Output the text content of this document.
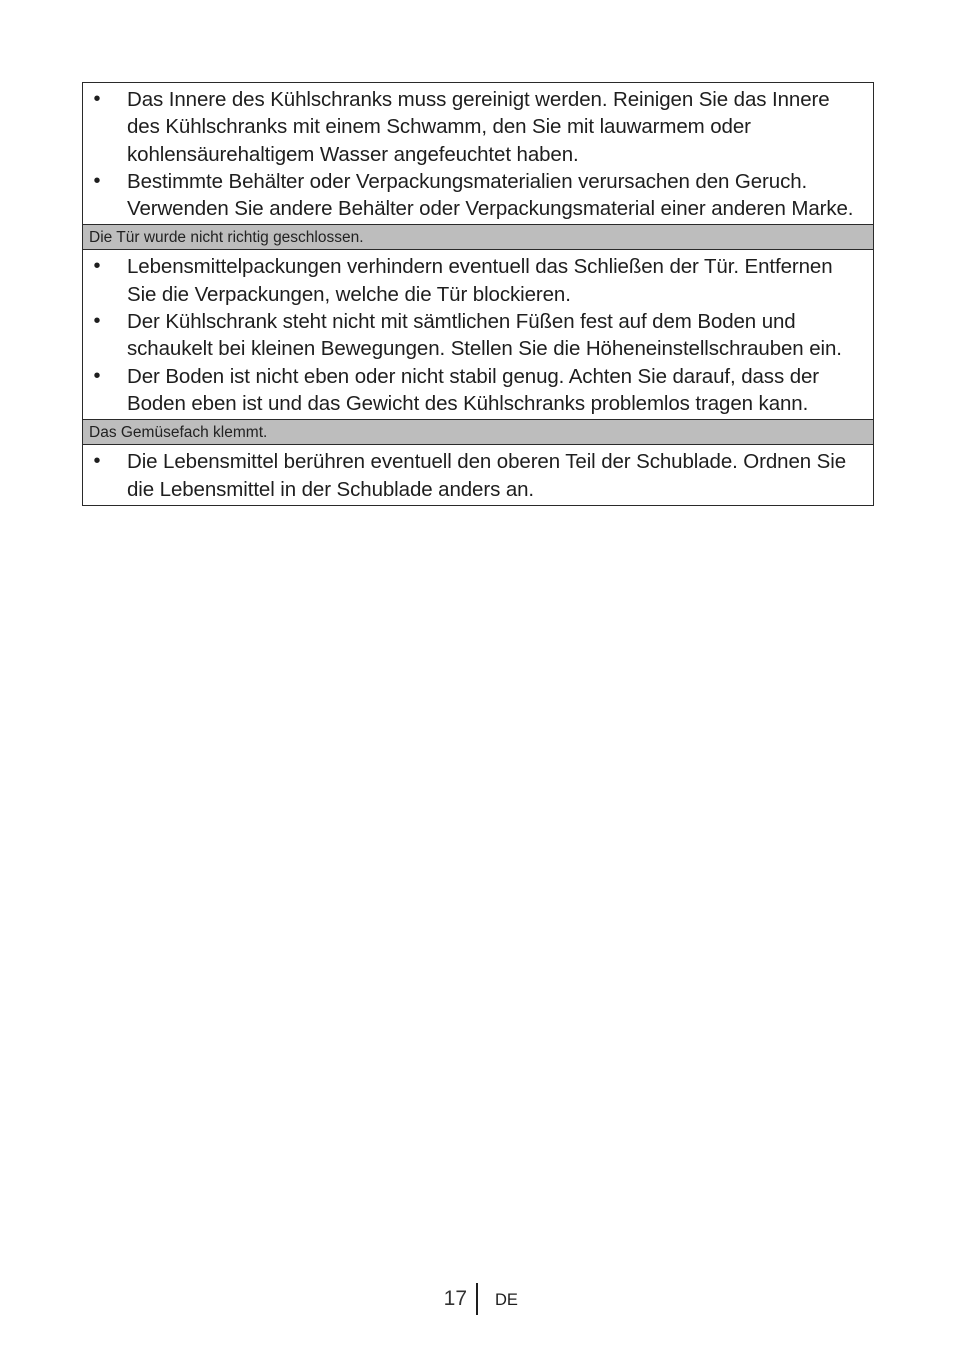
• Das Innere des Kühlschranks muss gereinigt werden. Reinigen Sie das Innere des Kühlschranks mit einem Schwamm, den Sie mit lauwarmem oder kohlensäurehaltigem Wasser angefeuchtet haben.
• Bestimmte Behälter oder Verpackungsmaterialien verursachen den Geruch. Verwenden Sie andere Behälter oder Verpackungsmaterial einer anderen Marke.
Die Tür wurde nicht richtig geschlossen.
• Lebensmittelpackungen verhindern eventuell das Schließen der Tür. Entfernen Sie die Verpackungen, welche die Tür blockieren.
• Der Kühlschrank steht nicht mit sämtlichen Füßen fest auf dem Boden und schaukelt bei kleinen Bewegungen. Stellen Sie die Höheneinstellschrauben ein.
• Der Boden ist nicht eben oder nicht stabil genug. Achten Sie darauf, dass der Boden eben ist und das Gewicht des Kühlschranks problemlos tragen kann.
Das Gemüsefach klemmt.
• Die Lebensmittel berühren eventuell den oberen Teil der Schublade. Ordnen Sie die Lebensmittel in der Schublade anders an.
17 DE
